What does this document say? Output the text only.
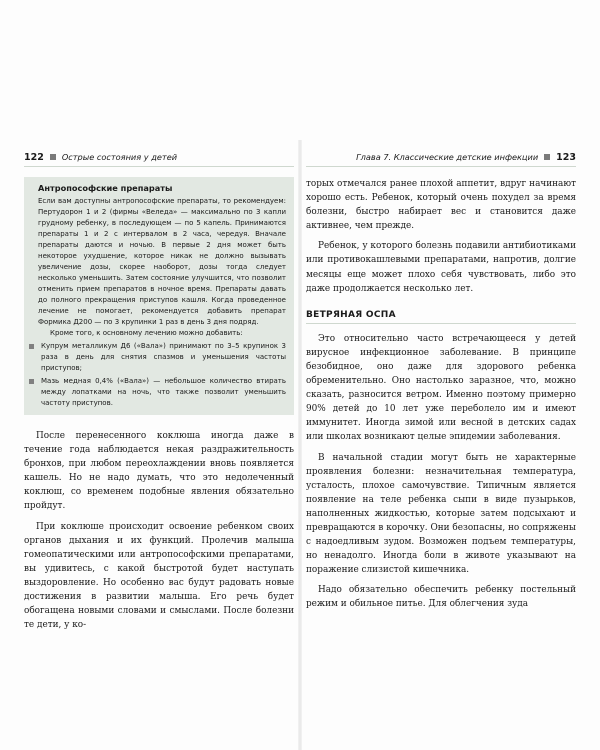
122 Острые состояния у детей
Антропософские препараты

Если вам доступны антропософские препараты, то рекомендуем: Пертудорон 1 и 2 (фирмы «Веледа» — максимально по 3 капли грудному ребенку, в последующем — по 5 капель. Принимаются препараты 1 и 2 с интервалом в 2 часа, чередуя. Вначале препараты даются и ночью. В первые 2 дня может быть некоторое ухудшение, которое никак не должно вызывать увеличение дозы, скорее наоборот, дозы тогда следует несколько уменьшить. Затем состояние улучшится, что позволит отменить прием препаратов в ночное время. Препараты давать до полного прекращения приступов кашля. Когда проведенное лечение не помогает, рекомендуется добавить препарат Формика Д200 — по 3 крупинки 1 раз в день 3 дня подряд.

Кроме того, к основному лечению можно добавить:

Купрум металликум Д6 («Вала») принимают по 3–5 крупинок 3 раза в день для снятия спазмов и уменьшения частоты приступов;
Мазь медная 0,4% («Вала») — небольшое количество втирать между лопатками на ночь, что также позволит уменьшить частоту приступов.

После перенесенного коклюша иногда даже в течение года наблюдается некая раздражительность бронхов, при любом переохлаждении вновь появляется кашель. Но не надо думать, что это недолеченный коклюш, со временем подобные явления обязательно пройдут.

При коклюше происходит освоение ребенком своих органов дыхания и их функций. Пролечив малыша гомеопатическими или антропософскими препаратами, вы удивитесь, с какой быстротой будет наступать выздоровление. Но особенно вас будут радовать новые достижения в развитии малыша. Его речь будет обогащена новыми словами и смыслами. После болезни те дети, у ко-

Глава 7. Классические детские инфекции 123

торых отмечался ранее плохой аппетит, вдруг начинают хорошо есть. Ребенок, который очень похудел за время болезни, быстро набирает вес и становится даже активнее, чем прежде.

Ребенок, у которого болезнь подавили антибиотиками или противокашлевыми препаратами, напротив, долгие месяцы еще может плохо себя чувствовать, либо это даже продолжается несколько лет.

ВЕТРЯНАЯ ОСПА

Это относительно часто встречающееся у детей вирусное инфекционное заболевание. В принципе безобидное, оно даже для здорового ребенка обременительно. Оно настолько заразное, что, можно сказать, разносится ветром. Именно поэтому примерно 90% детей до 10 лет уже переболело им и имеют иммунитет. Иногда зимой или весной в детских садах или школах возникают целые эпидемии заболевания.

В начальной стадии могут быть не характерные проявления болезни: незначительная температура, усталость, плохое самочувствие. Типичным является появление на теле ребенка сыпи в виде пузырьков, наполненных жидкостью, которые затем подсыхают и превращаются в корочку. Они безопасны, но сопряжены с надоедливым зудом. Возможен подъем температуры, но ненадолго. Иногда боли в животе указывают на поражение слизистой кишечника.

Надо обязательно обеспечить ребенку постельный режим и обильное питье. Для облегчения зуда
